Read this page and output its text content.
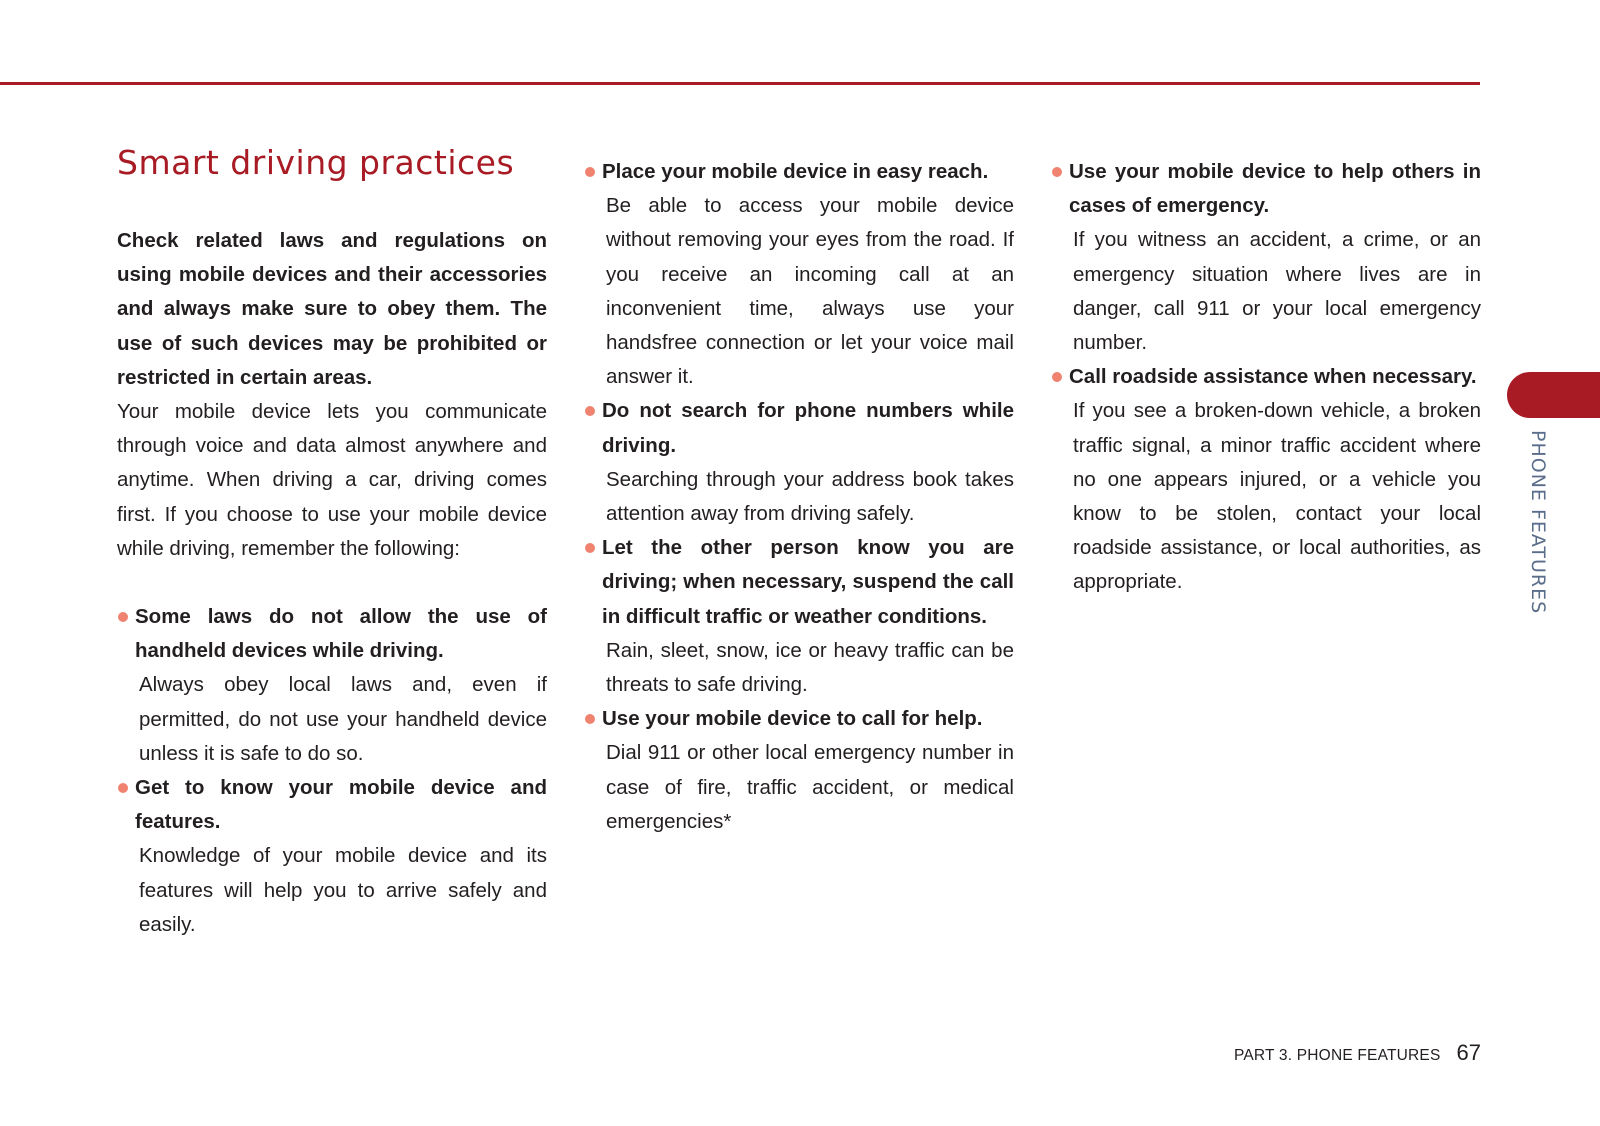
Smart driving practices

Check related laws and regulations on using mobile devices and their accessories and always make sure to obey them. The use of such devices may be prohibited or restricted in certain areas.

Your mobile device lets you communicate through voice and data almost anywhere and anytime. When driving a car, driving comes first. If you choose to use your mobile device while driving, remember the following:

Some laws do not allow the use of handheld devices while driving.

Always obey local laws and, even if permitted, do not use your handheld device unless it is safe to do so.

Get to know your mobile device and features.

Knowledge of your mobile device and its features will help you to arrive safely and easily.

Place your mobile device in easy reach.

Be able to access your mobile device without removing your eyes from the road. If you receive an incoming call at an inconvenient time, always use your handsfree connection or let your voice mail answer it.

Do not search for phone numbers while driving.

Searching through your address book takes attention away from driving safely.

Let the other person know you are driving; when necessary, suspend the call in difficult traffic or weather conditions.

Rain, sleet, snow, ice or heavy traffic can be threats to safe driving.

Use your mobile device to call for help.

Dial 911 or other local emergency number in case of fire, traffic accident, or medical emergencies*

Use your mobile device to help others in cases of emergency.

If you witness an accident, a crime, or an emergency situation where lives are in danger, call 911 or your local emergency number.

Call roadside assistance when necessary.

If you see a broken-down vehicle, a broken traffic signal, a minor traffic accident where no one appears injured, or a vehicle you know to be stolen, contact your local roadside assistance, or local authorities, as appropriate.	PHONE FEATURES
PART 3. PHONE FEATURES 67
